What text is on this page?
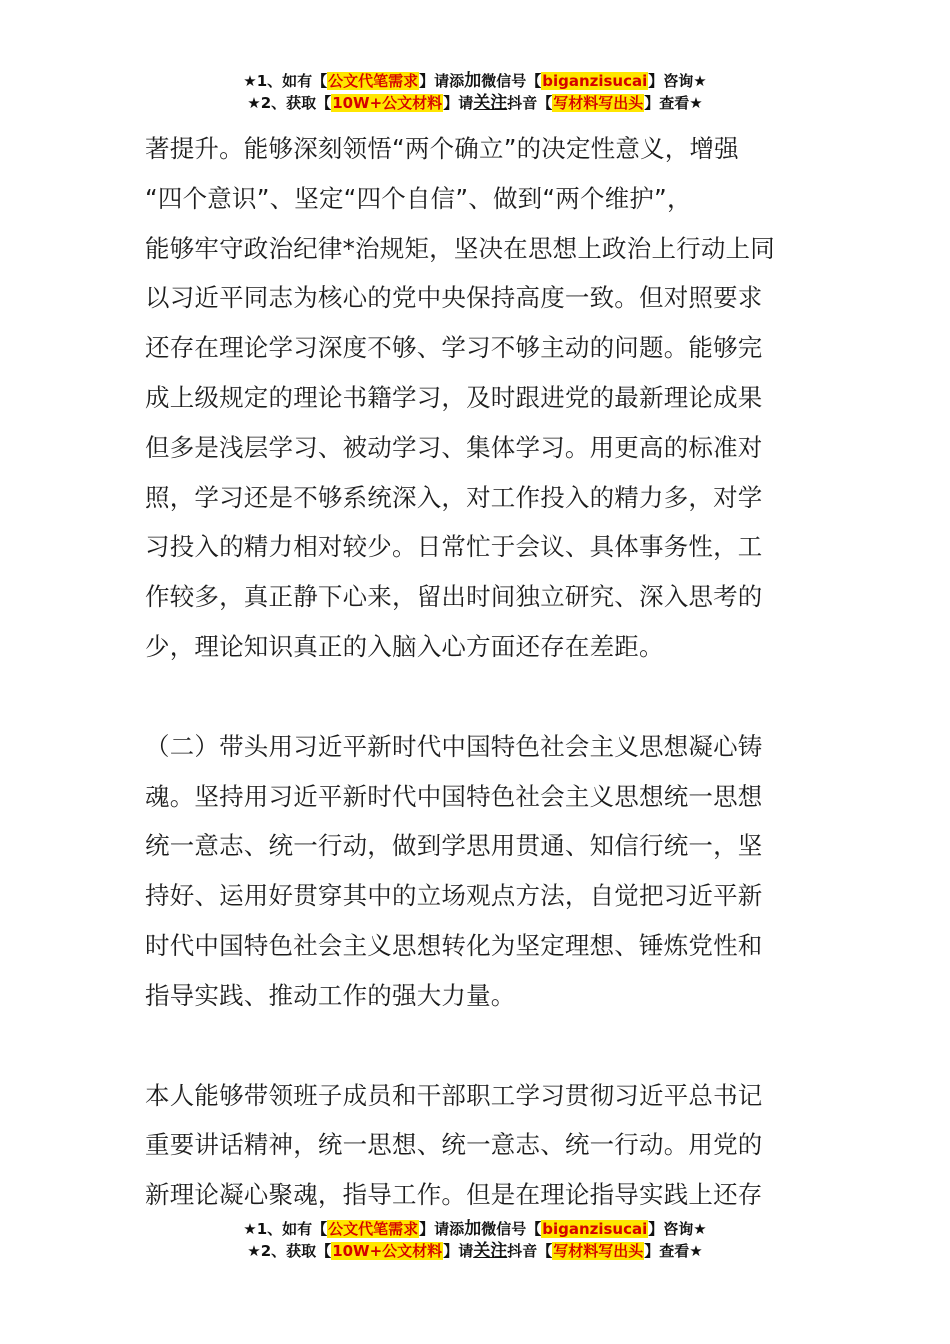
★1、如有【公文代笔需求】请添加微信号【biganzisucai】咨询★
★2、获取【10W+公文材料】请关注抖音【写材料写出头】查看★

著提升。能够深刻领悟“两个确立”的决定性意义，增强
“四个意识”、坚定“四个自信”、做到“两个维护”，
能够牢守政治纪律*治规矩，坚决在思想上政治上行动上同
以习近平同志为核心的党中央保持高度一致。但对照要求
还存在理论学习深度不够、学习不够主动的问题。能够完
成上级规定的理论书籍学习，及时跟进党的最新理论成果
但多是浅层学习、被动学习、集体学习。用更高的标准对
照，学习还是不够系统深入，对工作投入的精力多，对学
习投入的精力相对较少。日常忙于会议、具体事务性，工
作较多，真正静下心来，留出时间独立研究、深入思考的
少，理论知识真正的入脑入心方面还存在差距。

（二）带头用习近平新时代中国特色社会主义思想凝心铸
魂。坚持用习近平新时代中国特色社会主义思想统一思想
统一意志、统一行动，做到学思用贯通、知信行统一，坚
持好、运用好贯穿其中的立场观点方法，自觉把习近平新
时代中国特色社会主义思想转化为坚定理想、锤炼党性和
指导实践、推动工作的强大力量。

本人能够带领班子成员和干部职工学习贯彻习近平总书记
重要讲话精神，统一思想、统一意志、统一行动。用党的
新理论凝心聚魂，指导工作。但是在理论指导实践上还存

★1、如有【公文代笔需求】请添加微信号【biganzisucai】咨询★
★2、获取【10W+公文材料】请关注抖音【写材料写出头】查看★
